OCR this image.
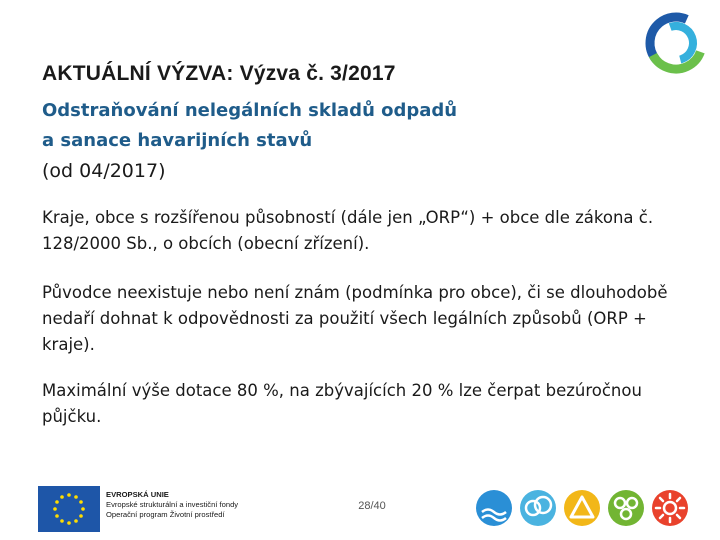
AKTUÁLNÍ VÝZVA: Výzva č. 3/2017
Odstraňování nelegálních skladů odpadů
a sanace havarijních stavů
(od 04/2017)
Kraje, obce s rozšířenou působností (dále jen „ORP“) + obce dle zákona č. 128/2000 Sb., o obcích (obecní zřízení).
Původce neexistuje nebo není znám (podmínka pro obce), či se dlouhodobě nedaří dohnat k odpovědnosti za použití všech legálních způsobů (ORP + kraje).
Maximální výše dotace 80 %, na zbývajících 20 % lze čerpat bezúročnou půjčku.
EVROPSKÁ UNIE
Evropské strukturální a investiční fondy
Operační program Životní prostředí
28/40
